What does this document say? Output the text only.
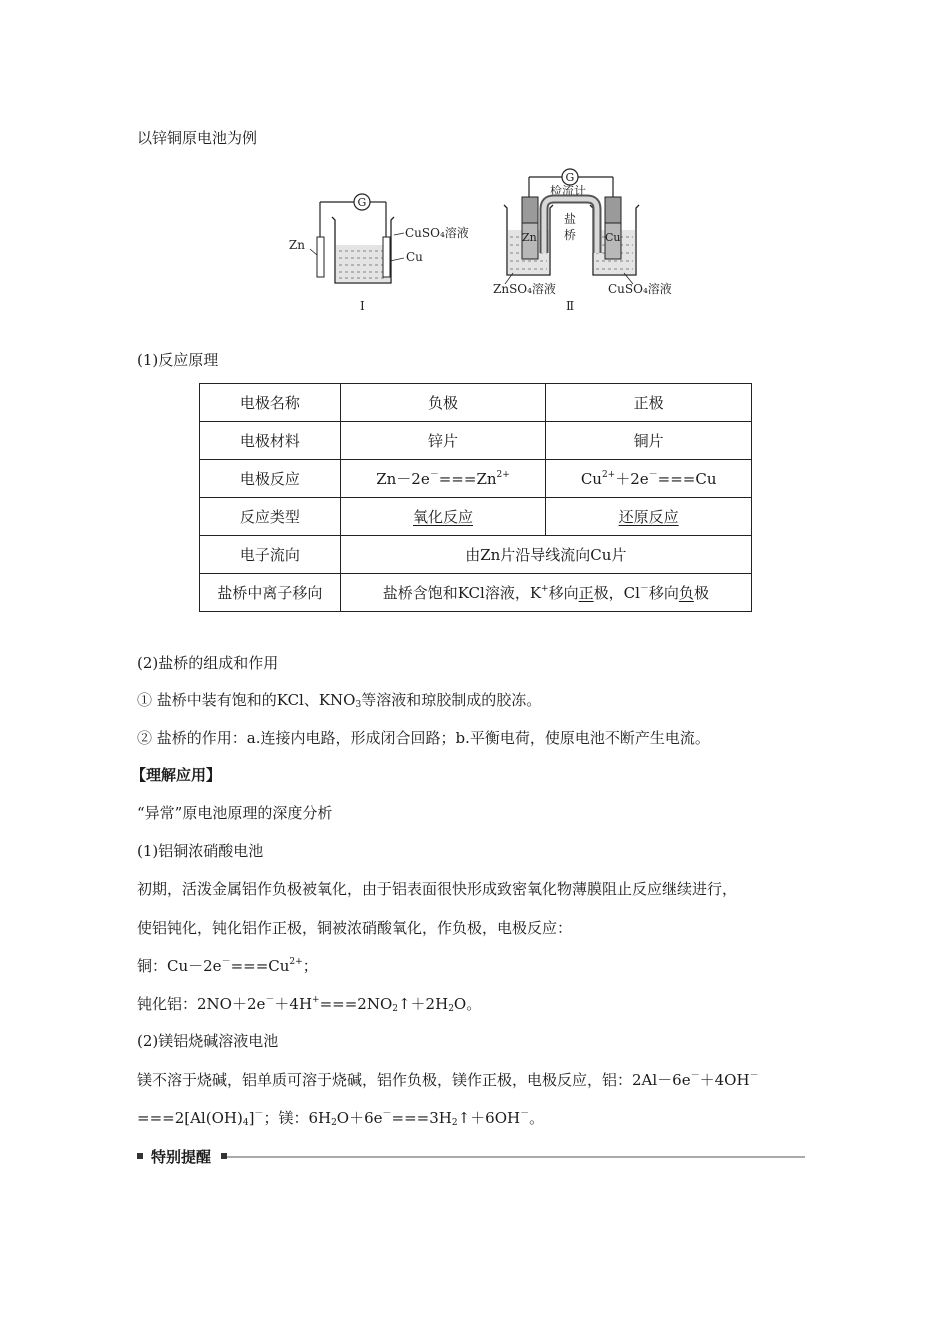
以锌铜原电池为例
G
Zn
CuSO₄溶液
Cu
Ⅰ
G
检流计
Zn	Cu
盐
桥
ZnSO₄溶液	CuSO₄溶液
Ⅱ
(1)反应原理
电极名称	负极	正极
电极材料	锌片	铜片
电极反应	$Zn-2e^-===Zn^{2+}$	$Cu^{2+}+2e^-===Cu$
反应类型	氧化反应	还原反应
电子流向	由Zn片沿导线流向Cu片	
盐桥中离子移向	盐桥含饱和KCl溶液，K+移向正极，Cl－移向负极	
(2)盐桥的组成和作用
① 盐桥中装有饱和的KCl、$KNO_3$等溶液和琼胶制成的胶冻。
② 盐桥的作用：a.连接内电路，形成闭合回路；b.平衡电荷，使原电池不断产生电流。
【理解应用】
“异常”原电池原理的深度分析
(1)铝铜浓硝酸电池
初期，活泼金属铝作负极被氧化，由于铝表面很快形成致密氧化物薄膜阻止反应继续进行，
使铝钝化，钝化铝作正极，铜被浓硝酸氧化，作负极，电极反应：
铜：$Cu-2e^-===Cu^{2+}$；
钝化铝：$2NO+2e^-+4H^+===2NO_2↑+2H_2O$。
(2)镁铝烧碱溶液电池
镁不溶于烧碱，铝单质可溶于烧碱，铝作负极，镁作正极，电极反应，铝：2Al－6e－＋4OH－
$===2[Al(OH)_4]^-$；镁：$6H_2O+6e^-===3H_2↑+6OH^-$。
特别提醒
